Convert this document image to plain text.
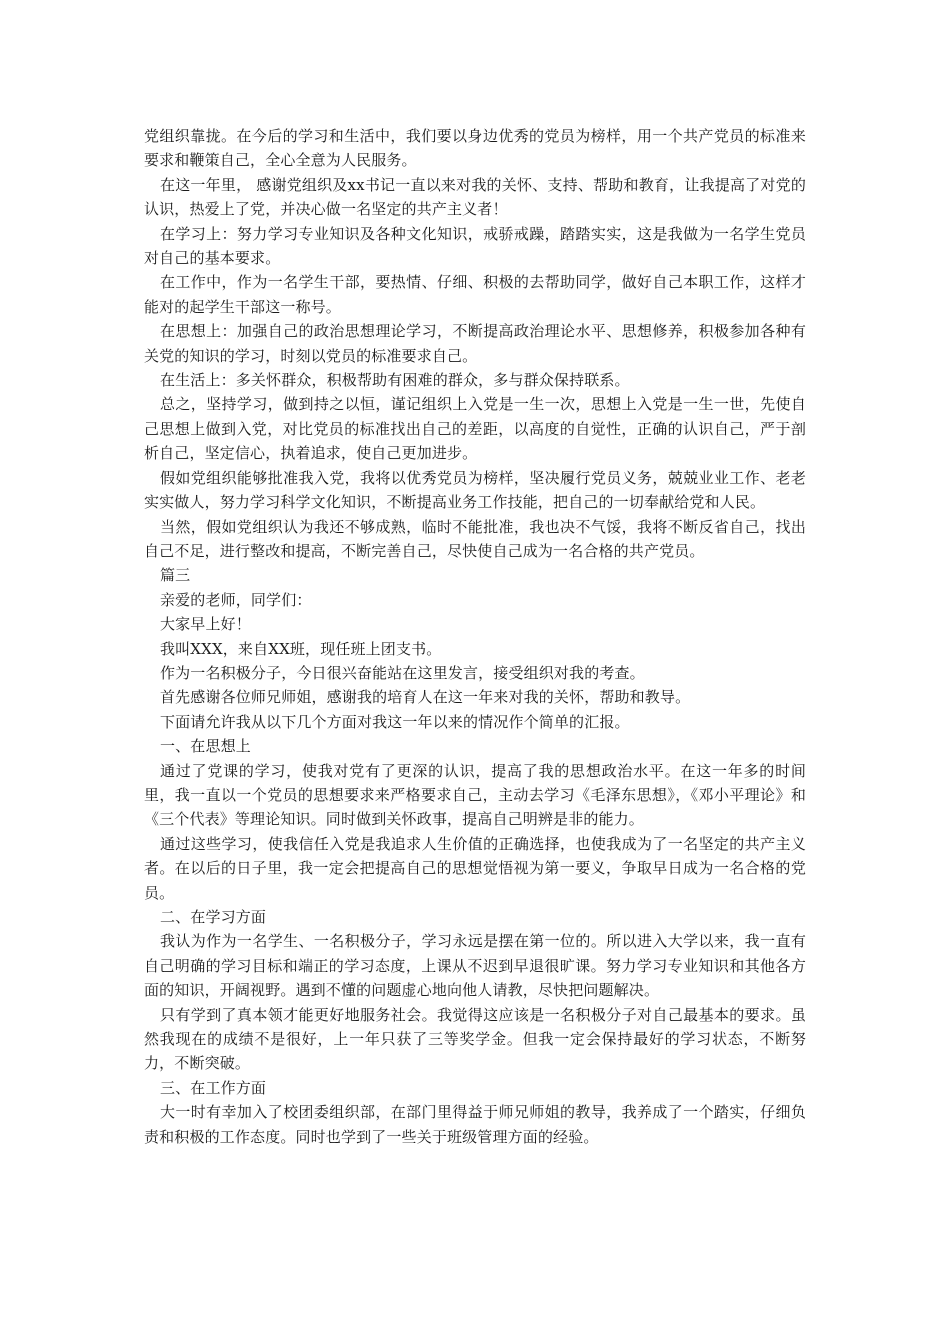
党组织靠拢。在今后的学习和生活中，我们要以身边优秀的党员为榜样，用一个共产党员的标准来要求和鞭策自己，全心全意为人民服务。

在这一年里， 感谢党组织及xx书记一直以来对我的关怀、支持、帮助和教育，让我提高了对党的认识，热爱上了党，并决心做一名坚定的共产主义者！

在学习上：努力学习专业知识及各种文化知识，戒骄戒躁，踏踏实实，这是我做为一名学生党员对自己的基本要求。

在工作中，作为一名学生干部，要热情、仔细、积极的去帮助同学，做好自己本职工作，这样才能对的起学生干部这一称号。

在思想上：加强自己的政治思想理论学习，不断提高政治理论水平、思想修养，积极参加各种有关党的知识的学习，时刻以党员的标准要求自己。

在生活上：多关怀群众，积极帮助有困难的群众，多与群众保持联系。

总之，坚持学习，做到持之以恒，谨记组织上入党是一生一次，思想上入党是一生一世，先使自己思想上做到入党，对比党员的标准找出自己的差距，以高度的自觉性，正确的认识自己，严于剖析自己，坚定信心，执着追求，使自己更加进步。

假如党组织能够批准我入党，我将以优秀党员为榜样，坚决履行党员义务，兢兢业业工作、老老实实做人，努力学习科学文化知识，不断提高业务工作技能，把自己的一切奉献给党和人民。

当然，假如党组织认为我还不够成熟，临时不能批准，我也决不气馁，我将不断反省自己，找出自己不足，进行整改和提高，不断完善自己，尽快使自己成为一名合格的共产党员。

篇三

亲爱的老师，同学们：

大家早上好！

我叫XXX，来自XX班，现任班上团支书。

作为一名积极分子，今日很兴奋能站在这里发言，接受组织对我的考查。

首先感谢各位师兄师姐，感谢我的培育人在这一年来对我的关怀，帮助和教导。

下面请允许我从以下几个方面对我这一年以来的情况作个简单的汇报。

一、在思想上

通过了党课的学习，使我对党有了更深的认识，提高了我的思想政治水平。在这一年多的时间里，我一直以一个党员的思想要求来严格要求自己，主动去学习《毛泽东思想》，《邓小平理论》和《三个代表》等理论知识。同时做到关怀政事，提高自己明辨是非的能力。

通过这些学习，使我信任入党是我追求人生价值的正确选择，也使我成为了一名坚定的共产主义者。在以后的日子里，我一定会把提高自己的思想觉悟视为第一要义，争取早日成为一名合格的党员。

二、在学习方面

我认为作为一名学生、一名积极分子，学习永远是摆在第一位的。所以进入大学以来，我一直有自己明确的学习目标和端正的学习态度，上课从不迟到早退很旷课。努力学习专业知识和其他各方面的知识，开阔视野。遇到不懂的问题虚心地向他人请教，尽快把问题解决。

只有学到了真本领才能更好地服务社会。我觉得这应该是一名积极分子对自己最基本的要求。虽然我现在的成绩不是很好，上一年只获了三等奖学金。但我一定会保持最好的学习状态，不断努力，不断突破。

三、在工作方面

大一时有幸加入了校团委组织部，在部门里得益于师兄师姐的教导，我养成了一个踏实，仔细负责和积极的工作态度。同时也学到了一些关于班级管理方面的经验。
